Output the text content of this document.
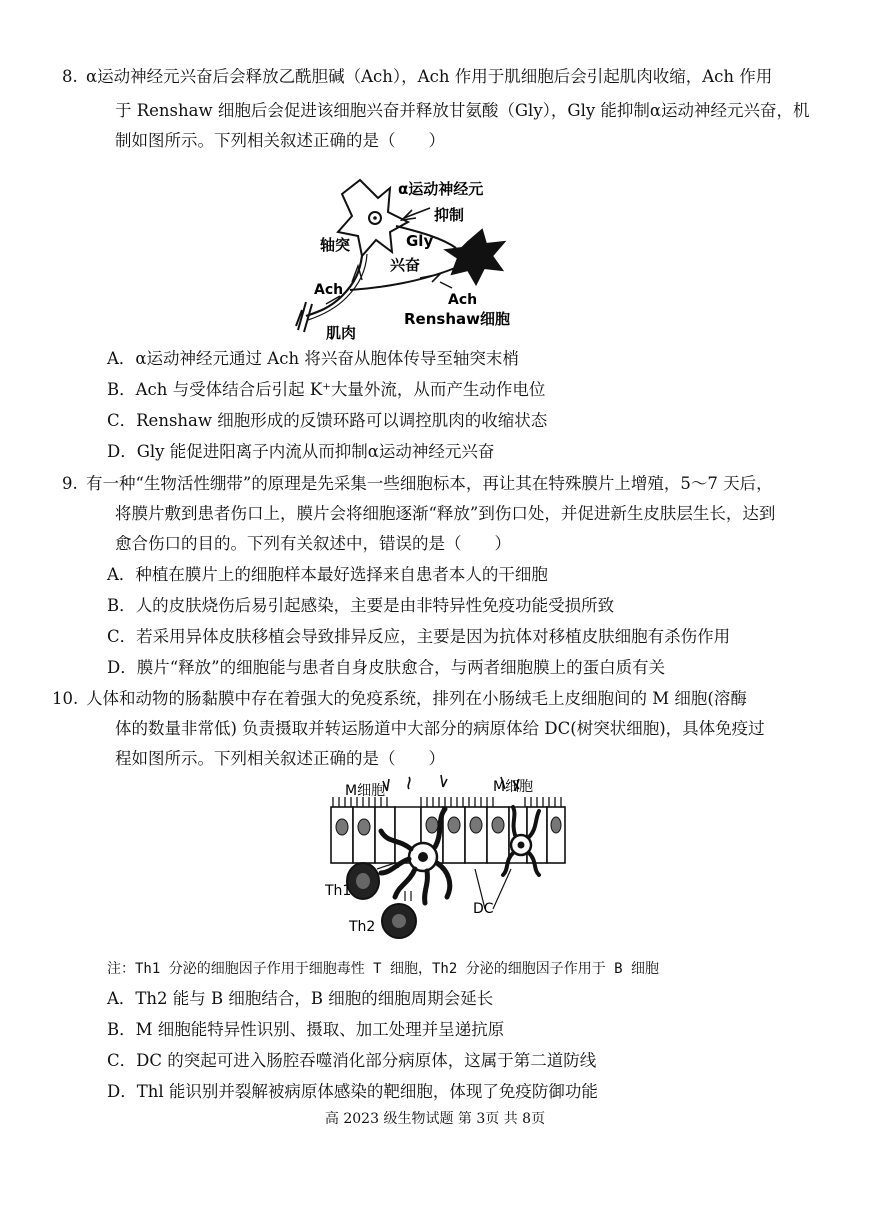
8. α运动神经元兴奋后会释放乙酰胆碱（Ach），Ach 作用于肌细胞后会引起肌肉收缩，Ach 作用
于 Renshaw 细胞后会促进该细胞兴奋并释放甘氨酸（Gly），Gly 能抑制α运动神经元兴奋，机
制如图所示。下列相关叙述正确的是（　　）
α运动神经元
抑制
Gly
轴突
兴奋
Ach
Ach
Renshaw细胞
肌肉
A．α运动神经元通过 Ach 将兴奋从胞体传导至轴突末梢
B．Ach 与受体结合后引起 K⁺大量外流，从而产生动作电位
C．Renshaw 细胞形成的反馈环路可以调控肌肉的收缩状态
D．Gly 能促进阳离子内流从而抑制α运动神经元兴奋
9. 有一种“生物活性绷带”的原理是先采集一些细胞标本，再让其在特殊膜片上增殖，5～7 天后，
将膜片敷到患者伤口上，膜片会将细胞逐渐“释放”到伤口处，并促进新生皮肤层生长，达到
愈合伤口的目的。下列有关叙述中，错误的是（　　）
A．种植在膜片上的细胞样本最好选择来自患者本人的干细胞
B．人的皮肤烧伤后易引起感染，主要是由非特异性免疫功能受损所致
C．若采用异体皮肤移植会导致排异反应，主要是因为抗体对移植皮肤细胞有杀伤作用
D．膜片“释放”的细胞能与患者自身皮肤愈合，与两者细胞膜上的蛋白质有关
10. 人体和动物的肠黏膜中存在着强大的免疫系统，排列在小肠绒毛上皮细胞间的 M 细胞(溶酶
体的数量非常低) 负责摄取并转运肠道中大部分的病原体给 DC(树突状细胞)，具体免疫过
程如图所示。下列相关叙述正确的是（　　）
M细胞	M细胞
Th1
Th2
DC
注：Th1 分泌的细胞因子作用于细胞毒性 T 细胞，Th2 分泌的细胞因子作用于 B 细胞
A．Th2 能与 B 细胞结合，B 细胞的细胞周期会延长
B．M 细胞能特异性识别、摄取、加工处理并呈递抗原
C．DC 的突起可进入肠腔吞噬消化部分病原体，这属于第二道防线
D．Thl 能识别并裂解被病原体感染的靶细胞，体现了免疫防御功能
高 2023 级生物试题 第 3页 共 8页
